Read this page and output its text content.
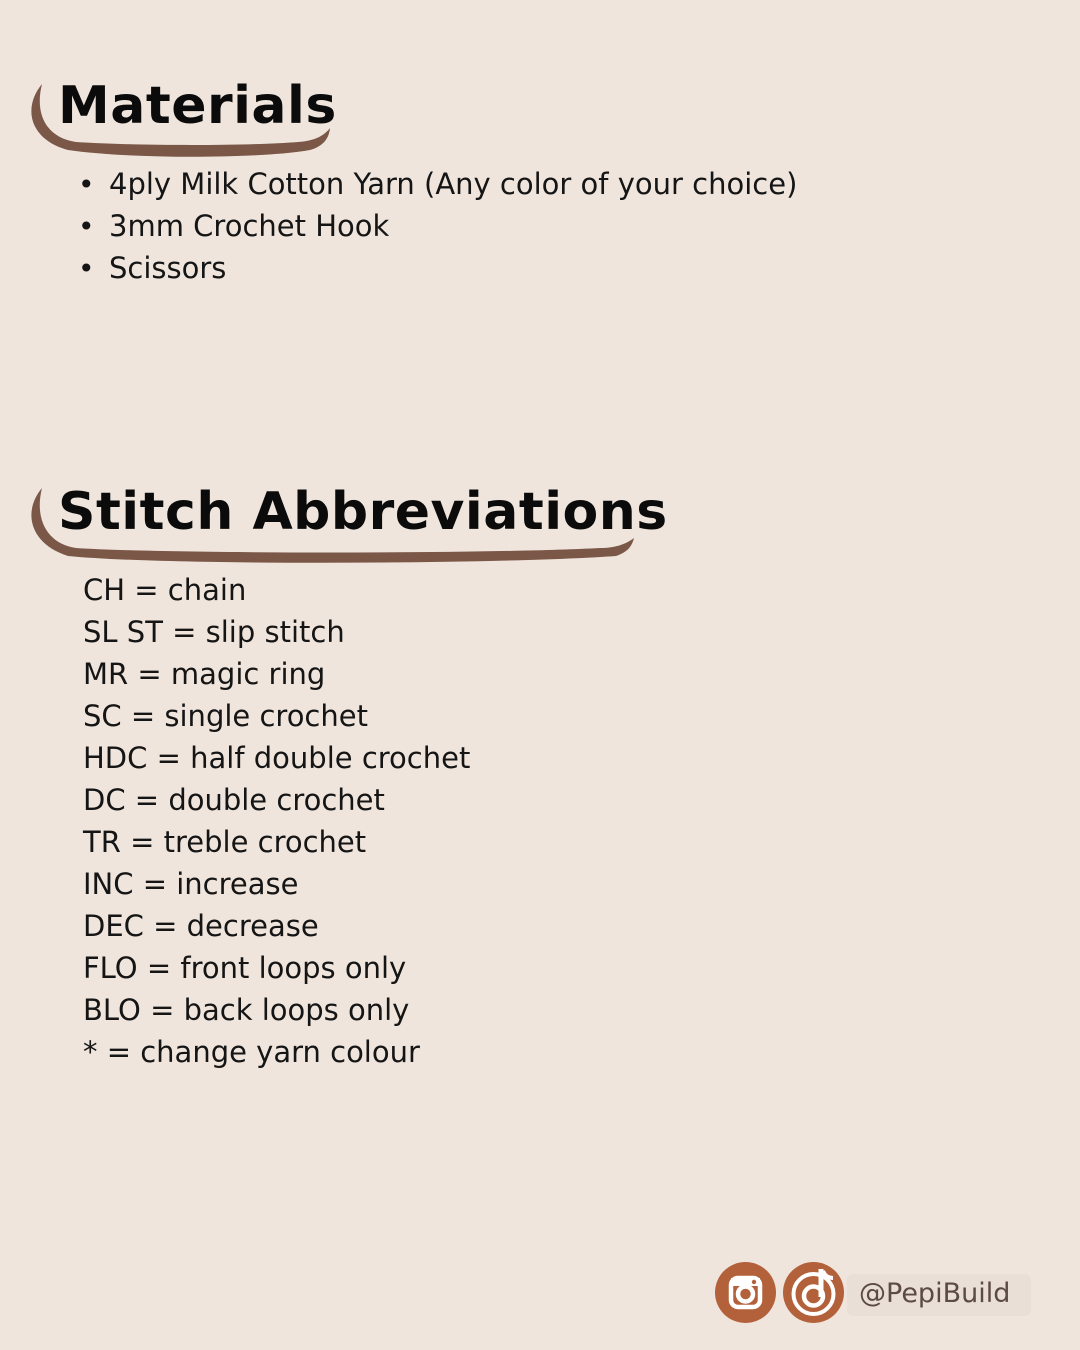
Materials
• 4ply Milk Cotton Yarn (Any color of your choice)
• 3mm Crochet Hook
• Scissors
Stitch Abbreviations
CH = chain
SL ST = slip stitch
MR = magic ring
SC = single crochet
HDC = half double crochet
DC = double crochet
TR = treble crochet
INC = increase
DEC = decrease
FLO = front loops only
BLO = back loops only
* = change yarn colour
@PepiBuild
